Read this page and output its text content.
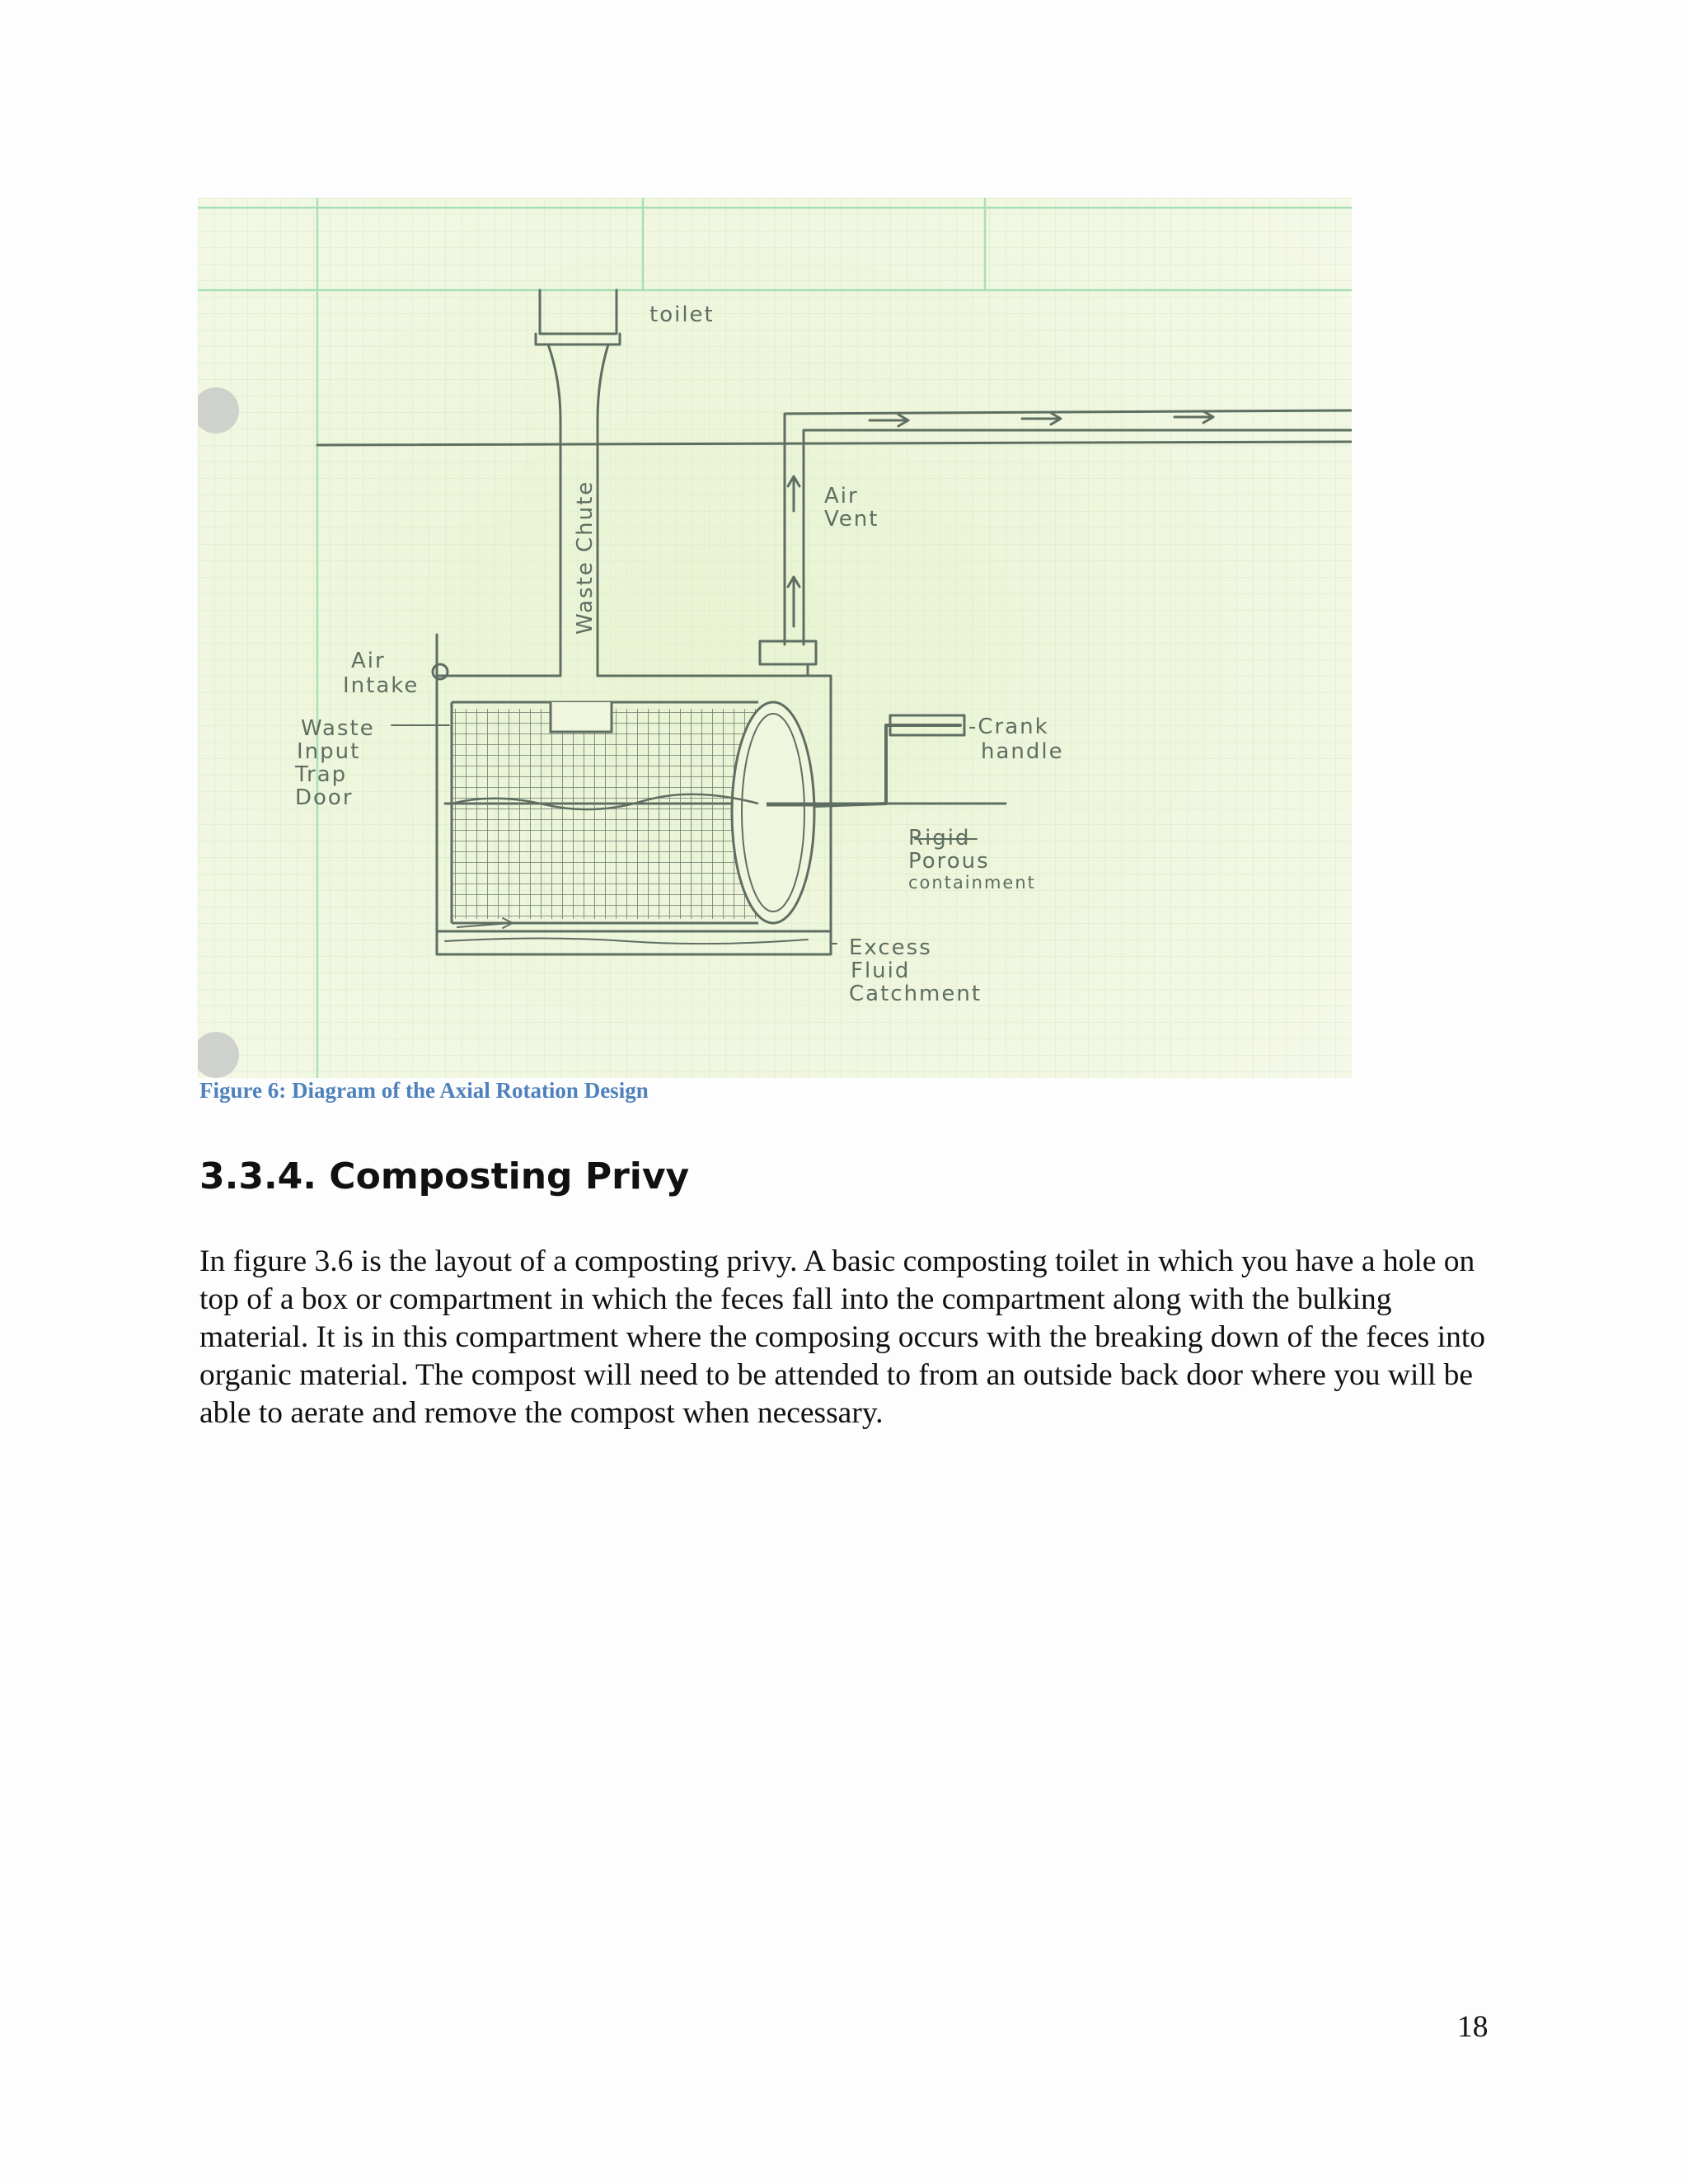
toilet
Waste Chute	Air
Vent
Air
Intake
Waste
Input
Trap
Door
-Crank
handle
Rigid
Porous
containment
Excess
Fluid
Catchment
Figure 6: Diagram of the Axial Rotation Design
3.3.4. Composting Privy

In figure 3.6 is the layout of a composting privy. A basic composting toilet in which you have a hole on top of a box or compartment in which the feces fall into the compartment along with the bulking material. It is in this compartment where the composing occurs with the breaking down of the feces into organic material. The compost will need to be attended to from an outside back door where you will be able to aerate and remove the compost when necessary.

18
